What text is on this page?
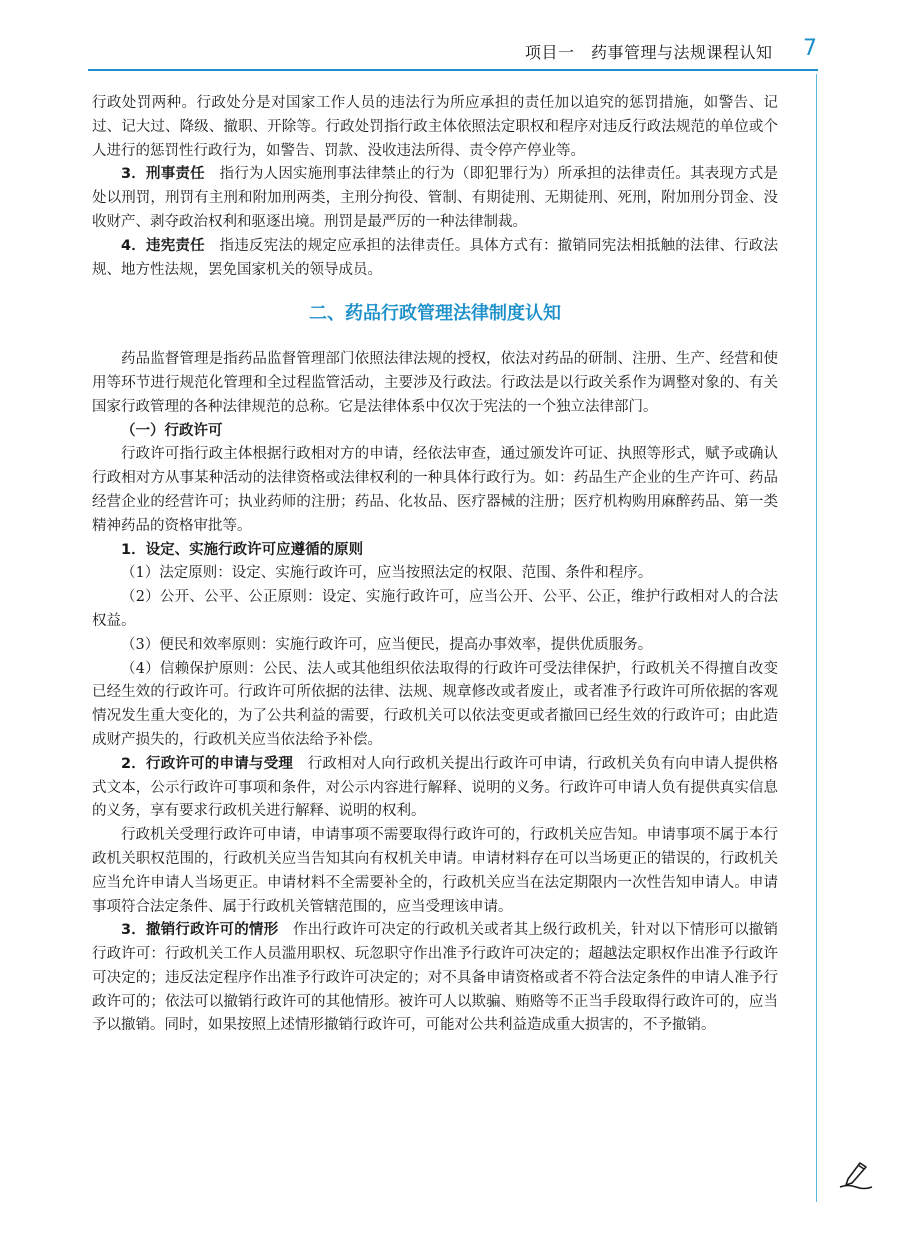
项目一　药事管理与法规课程认知 7

行政处罚两种。行政处分是对国家工作人员的违法行为所应承担的责任加以追究的惩罚措施，如警告、记过、记大过、降级、撤职、开除等。行政处罚指行政主体依照法定职权和程序对违反行政法规范的单位或个人进行的惩罚性行政行为，如警告、罚款、没收违法所得、责令停产停业等。

3．刑事责任　指行为人因实施刑事法律禁止的行为（即犯罪行为）所承担的法律责任。其表现方式是处以刑罚，刑罚有主刑和附加刑两类，主刑分拘役、管制、有期徒刑、无期徒刑、死刑，附加刑分罚金、没收财产、剥夺政治权利和驱逐出境。刑罚是最严厉的一种法律制裁。

4．违宪责任　指违反宪法的规定应承担的法律责任。具体方式有：撤销同宪法相抵触的法律、行政法规、地方性法规，罢免国家机关的领导成员。

二、药品行政管理法律制度认知

药品监督管理是指药品监督管理部门依照法律法规的授权，依法对药品的研制、注册、生产、经营和使用等环节进行规范化管理和全过程监管活动，主要涉及行政法。行政法是以行政关系作为调整对象的、有关国家行政管理的各种法律规范的总称。它是法律体系中仅次于宪法的一个独立法律部门。

（一）行政许可

行政许可指行政主体根据行政相对方的申请，经依法审查，通过颁发许可证、执照等形式，赋予或确认行政相对方从事某种活动的法律资格或法律权利的一种具体行政行为。如：药品生产企业的生产许可、药品经营企业的经营许可；执业药师的注册；药品、化妆品、医疗器械的注册；医疗机构购用麻醉药品、第一类精神药品的资格审批等。

1．设定、实施行政许可应遵循的原则

（1）法定原则：设定、实施行政许可，应当按照法定的权限、范围、条件和程序。

（2）公开、公平、公正原则：设定、实施行政许可，应当公开、公平、公正，维护行政相对人的合法权益。

（3）便民和效率原则：实施行政许可，应当便民，提高办事效率，提供优质服务。

（4）信赖保护原则：公民、法人或其他组织依法取得的行政许可受法律保护，行政机关不得擅自改变已经生效的行政许可。行政许可所依据的法律、法规、规章修改或者废止，或者准予行政许可所依据的客观情况发生重大变化的，为了公共利益的需要，行政机关可以依法变更或者撤回已经生效的行政许可；由此造成财产损失的，行政机关应当依法给予补偿。

2．行政许可的申请与受理　行政相对人向行政机关提出行政许可申请，行政机关负有向申请人提供格式文本，公示行政许可事项和条件，对公示内容进行解释、说明的义务。行政许可申请人负有提供真实信息的义务，享有要求行政机关进行解释、说明的权利。

行政机关受理行政许可申请，申请事项不需要取得行政许可的，行政机关应告知。申请事项不属于本行政机关职权范围的，行政机关应当告知其向有权机关申请。申请材料存在可以当场更正的错误的，行政机关应当允许申请人当场更正。申请材料不全需要补全的，行政机关应当在法定期限内一次性告知申请人。申请事项符合法定条件、属于行政机关管辖范围的，应当受理该申请。

3．撤销行政许可的情形　作出行政许可决定的行政机关或者其上级行政机关，针对以下情形可以撤销行政许可：行政机关工作人员滥用职权、玩忽职守作出准予行政许可决定的；超越法定职权作出准予行政许可决定的；违反法定程序作出准予行政许可决定的；对不具备申请资格或者不符合法定条件的申请人准予行政许可的；依法可以撤销行政许可的其他情形。被许可人以欺骗、贿赂等不正当手段取得行政许可的，应当予以撤销。同时，如果按照上述情形撤销行政许可，可能对公共利益造成重大损害的，不予撤销。
